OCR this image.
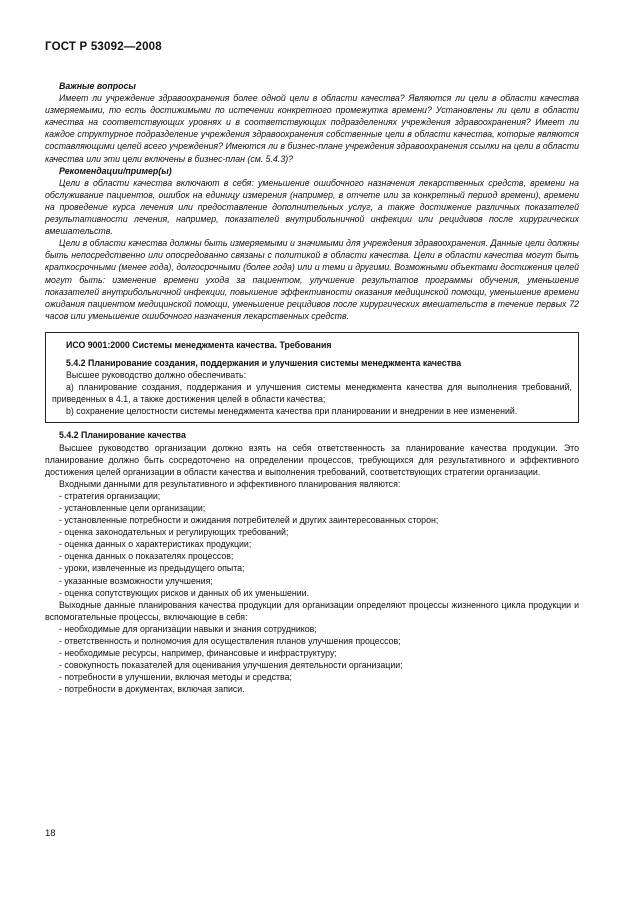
ГОСТ Р 53092—2008

Важные вопросы

Имеет ли учреждение здравоохранения более одной цели в области качества? Являются ли цели в области качества измеряемыми, то есть достижимыми по истечении конкретного промежутка времени? Установлены ли цели в области качества на соответствующих уровнях и в соответствующих подразделениях учреждения здравоохранения? Имеет ли каждое структурное подразделение учреждения здравоохранения собственные цели в области качества, которые являются составляющими целей всего учреждения? Имеются ли в бизнес-плане учреждения здравоохранения ссылки на цели в области качества или эти цели включены в бизнес-план (см. 5.4.3)?

Рекомендации/пример(ы)

Цели в области качества включают в себя: уменьшение ошибочного назначения лекарственных средств, времени на обслуживание пациентов, ошибок на единицу измерения (например, в отчете или за конкретный период времени), времени на проведение курса лечения или предоставление дополнительных услуг, а также достижение различных показателей результативности лечения, например, показателей внутрибольничной инфекции или рецидивов после хирургических вмешательств.

Цели в области качества должны быть измеряемыми и значимыми для учреждения здравоохранения. Данные цели должны быть непосредственно или опосредованно связаны с политикой в области качества. Цели в области качества могут быть краткосрочными (менее года), долгосрочными (более года) или и теми и другими. Возможными объектами достижения целей могут быть: изменение времени ухода за пациентом, улучшение результатов программы обучения, уменьшение показателей внутрибольничной инфекции, повышение эффективности оказания медицинской помощи, уменьшение времени ожидания пациентом медицинской помощи, уменьшение рецидивов после хирургических вмешательств в течение первых 72 часов или уменьшение ошибочного назначения лекарственных средств.

ИСО 9001:2000 Системы менеджмента качества. Требования

5.4.2 Планирование создания, поддержания и улучшения системы менеджмента качества

Высшее руководство должно обеспечивать:

а) планирование создания, поддержания и улучшения системы менеджмента качества для выполнения требований, приведенных в 4.1, а также достижения целей в области качества;

b) сохранение целостности системы менеджмента качества при планировании и внедрении в нее изменений.

5.4.2 Планирование качества

Высшее руководство организации должно взять на себя ответственность за планирование качества продукции. Это планирование должно быть сосредоточено на определении процессов, требующихся для результативного и эффективного достижения целей организации в области качества и выполнения требований, соответствующих стратегии организации.

Входными данными для результативного и эффективного планирования являются:

- стратегия организации;

- установленные цели организации;

- установленные потребности и ожидания потребителей и других заинтересованных сторон;

- оценка законодательных и регулирующих требований;

- оценка данных о характеристиках продукции;

- оценка данных о показателях процессов;

- уроки, извлеченные из предыдущего опыта;

- указанные возможности улучшения;

- оценка сопутствующих рисков и данных об их уменьшении.

Выходные данные планирования качества продукции для организации определяют процессы жизненного цикла продукции и вспомогательные процессы, включающие в себя:

- необходимые для организации навыки и знания сотрудников;

- ответственность и полномочия для осуществления планов улучшения процессов;

- необходимые ресурсы, например, финансовые и инфраструктуру;

- совокупность показателей для оценивания улучшения деятельности организации;

- потребности в улучшении, включая методы и средства;

- потребности в документах, включая записи.

18
